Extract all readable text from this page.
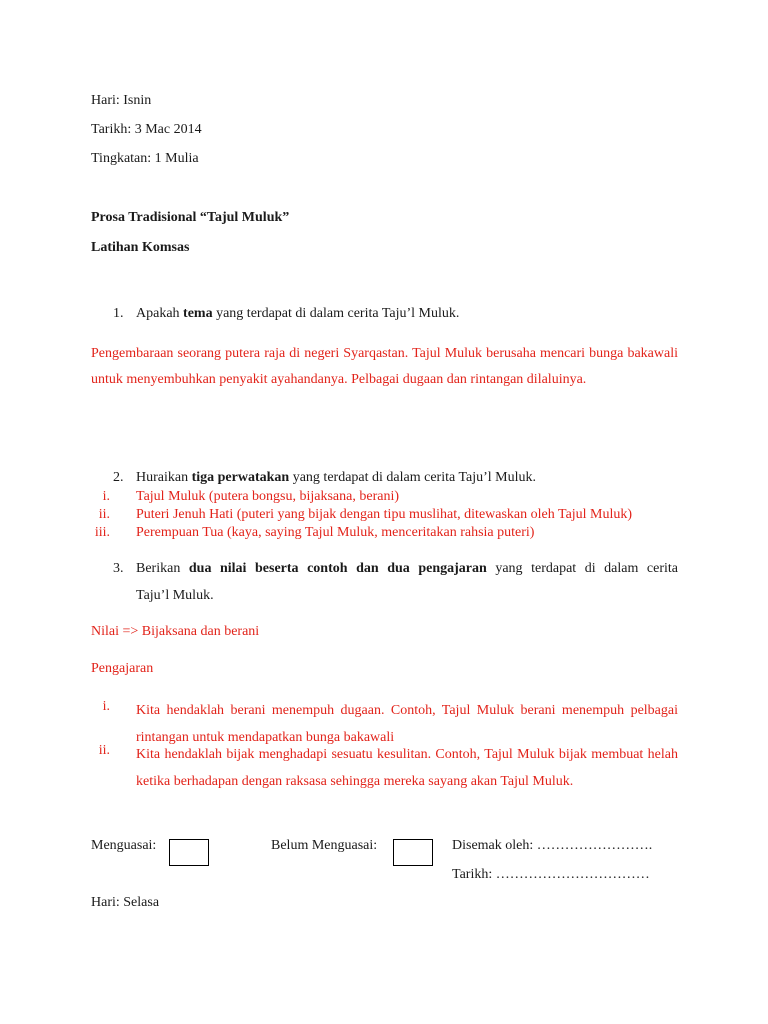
Hari: Isnin
Tarikh: 3 Mac 2014
Tingkatan: 1 Mulia
Prosa Tradisional “Tajul Muluk”
Latihan Komsas
1. Apakah tema yang terdapat di dalam cerita Taju’l Muluk.
Pengembaraan seorang putera raja di negeri Syarqastan. Tajul Muluk berusaha mencari bunga bakawali untuk menyembuhkan penyakit ayahandanya. Pelbagai dugaan dan rintangan dilaluinya.
2. Huraikan tiga perwatakan yang terdapat di dalam cerita Taju’l Muluk.
i. Tajul Muluk (putera bongsu, bijaksana, berani)
ii. Puteri Jenuh Hati (puteri yang bijak dengan tipu muslihat, ditewaskan oleh Tajul Muluk)
iii. Perempuan Tua (kaya, saying Tajul Muluk, menceritakan rahsia puteri)
3. Berikan dua nilai beserta contoh dan dua pengajaran yang terdapat di dalam cerita
Taju’l Muluk.
Nilai => Bijaksana dan berani
Pengajaran
i. Kita hendaklah berani menempuh dugaan. Contoh, Tajul Muluk berani menempuh pelbagai rintangan untuk mendapatkan bunga bakawali
ii. Kita hendaklah bijak menghadapi sesuatu kesulitan. Contoh, Tajul Muluk bijak membuat helah ketika berhadapan dengan raksasa sehingga mereka sayang akan Tajul Muluk.
Menguasai:	Belum Menguasai:	Disemak oleh: …………………….
Tarikh: ……………………………
Hari: Selasa
